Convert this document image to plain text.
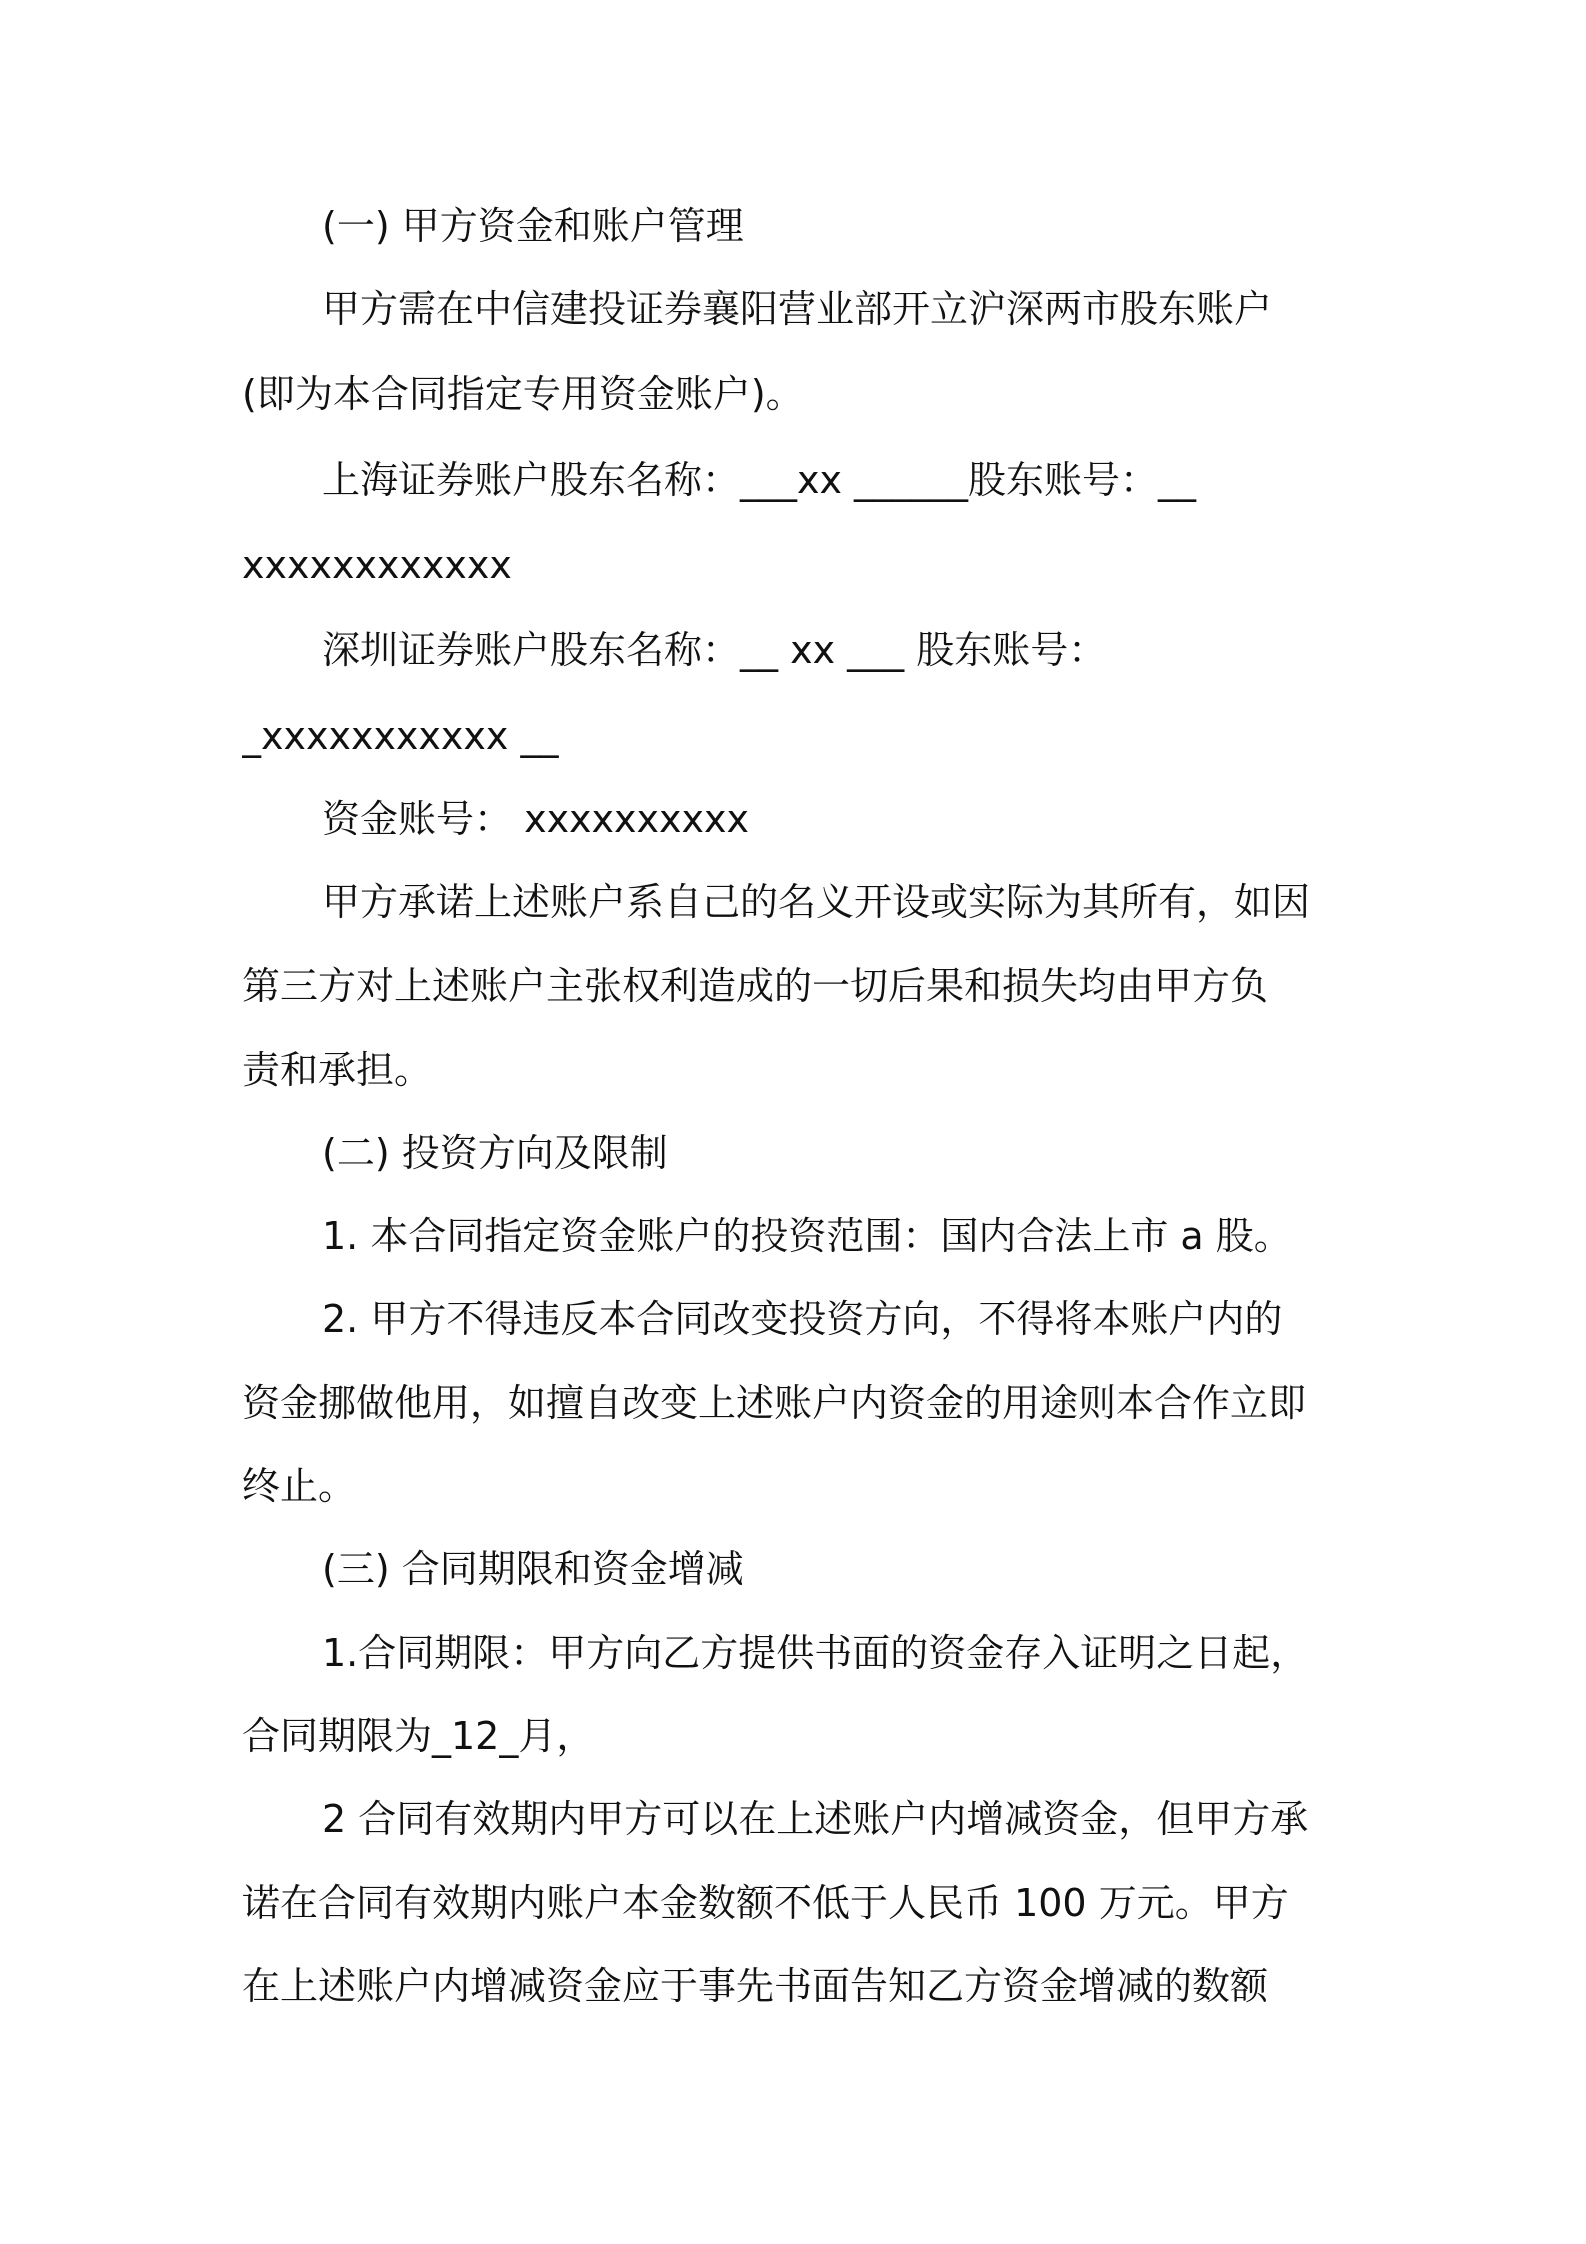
(一) 甲方资金和账户管理
甲方需在中信建投证券襄阳营业部开立沪深两市股东账户
(即为本合同指定专用资金账户)。
上海证券账户股东名称：___xx ______股东账号：__
xxxxxxxxxxxx
深圳证券账户股东名称：__ xx ___ 股东账号：
_xxxxxxxxxxx __
资金账号： xxxxxxxxxx
甲方承诺上述账户系自己的名义开设或实际为其所有，如因
第三方对上述账户主张权利造成的一切后果和损失均由甲方负
责和承担。
(二) 投资方向及限制
1. 本合同指定资金账户的投资范围：国内合法上市 a 股。
2. 甲方不得违反本合同改变投资方向，不得将本账户内的
资金挪做他用，如擅自改变上述账户内资金的用途则本合作立即
终止。
(三) 合同期限和资金增减
1.合同期限：甲方向乙方提供书面的资金存入证明之日起，
合同期限为_12_月，
2 合同有效期内甲方可以在上述账户内增减资金，但甲方承
诺在合同有效期内账户本金数额不低于人民币 100 万元。甲方
在上述账户内增减资金应于事先书面告知乙方资金增减的数额
